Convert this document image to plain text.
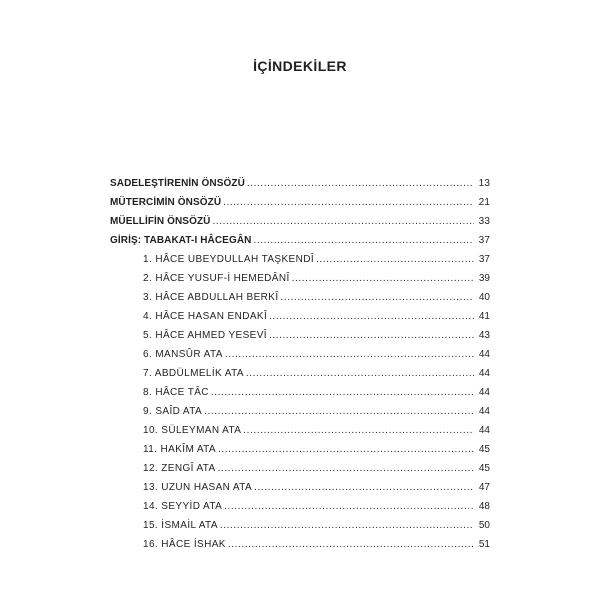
İÇİNDEKİLER
SADELEŞTİRENİN ÖNSÖZÜ .....	13
MÜTERCİMİN ÖNSÖZÜ .....	21
MÜELLİFİN ÖNSÖZÜ .....	33
GİRİŞ: TABAKAT-I HÂCEGÂN .....	37
1. HÂCE UBEYDULLAH TAŞKENDÎ .....	37
2. HÂCE YUSUF-İ HEMEDÂNÎ .....	39
3. HÂCE ABDULLAH BERKÎ .....	40
4. HÂCE HASAN ENDAKÎ .....	41
5. HÂCE AHMED YESEVÎ .....	43
6. MANSÛR ATA .....	44
7. ABDÜLMELİK ATA .....	44
8. HÂCE TÂC .....	44
9. SAÎD ATA .....	44
10. SÜLEYMAN ATA .....	44
11. HAKÎM ATA .....	45
12. ZENGÎ ATA .....	45
13. UZUN HASAN ATA .....	47
14. SEYYİD ATA .....	48
15. İSMAİL ATA .....	50
16. HÂCE İSHAK .....	51
